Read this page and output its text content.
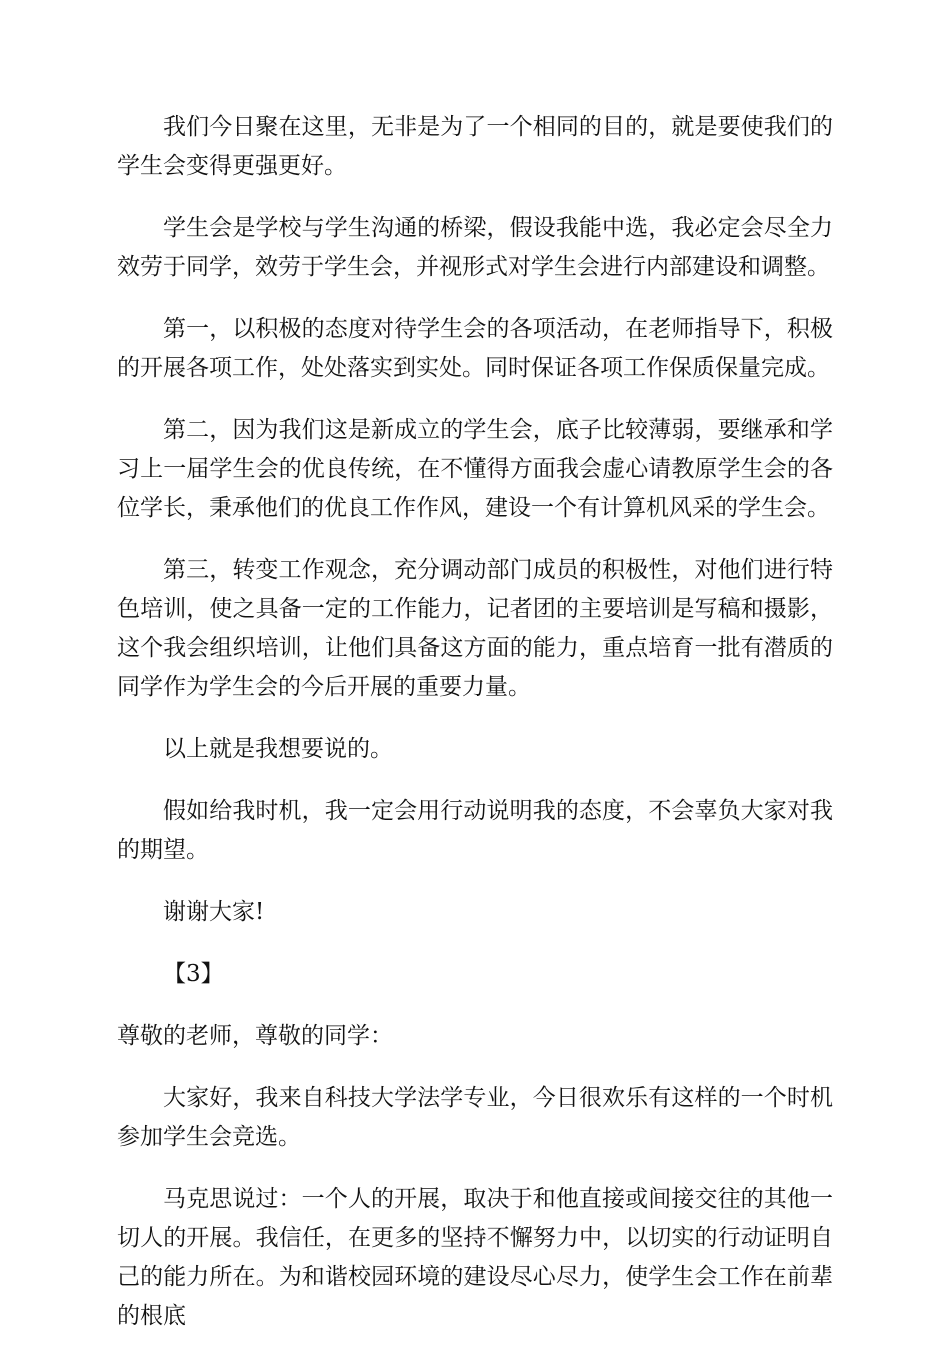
我们今日聚在这里，无非是为了一个相同的目的，就是要使我们的学生会变得更强更好。

学生会是学校与学生沟通的桥梁，假设我能中选，我必定会尽全力效劳于同学，效劳于学生会，并视形式对学生会进行内部建设和调整。

第一，以积极的态度对待学生会的各项活动，在老师指导下，积极的开展各项工作，处处落实到实处。同时保证各项工作保质保量完成。

第二，因为我们这是新成立的学生会，底子比较薄弱，要继承和学习上一届学生会的优良传统，在不懂得方面我会虚心请教原学生会的各位学长，秉承他们的优良工作作风，建设一个有计算机风采的学生会。

第三，转变工作观念，充分调动部门成员的积极性，对他们进行特色培训，使之具备一定的工作能力，记者团的主要培训是写稿和摄影，这个我会组织培训，让他们具备这方面的能力，重点培育一批有潜质的同学作为学生会的今后开展的重要力量。

以上就是我想要说的。

假如给我时机，我一定会用行动说明我的态度，不会辜负大家对我的期望。

谢谢大家!

【3】

尊敬的老师，尊敬的同学：

大家好，我来自科技大学法学专业，今日很欢乐有这样的一个时机参加学生会竞选。

马克思说过：一个人的开展，取决于和他直接或间接交往的其他一切人的开展。我信任，在更多的坚持不懈努力中，以切实的行动证明自己的能力所在。为和谐校园环境的建设尽心尽力，使学生会工作在前辈的根底
